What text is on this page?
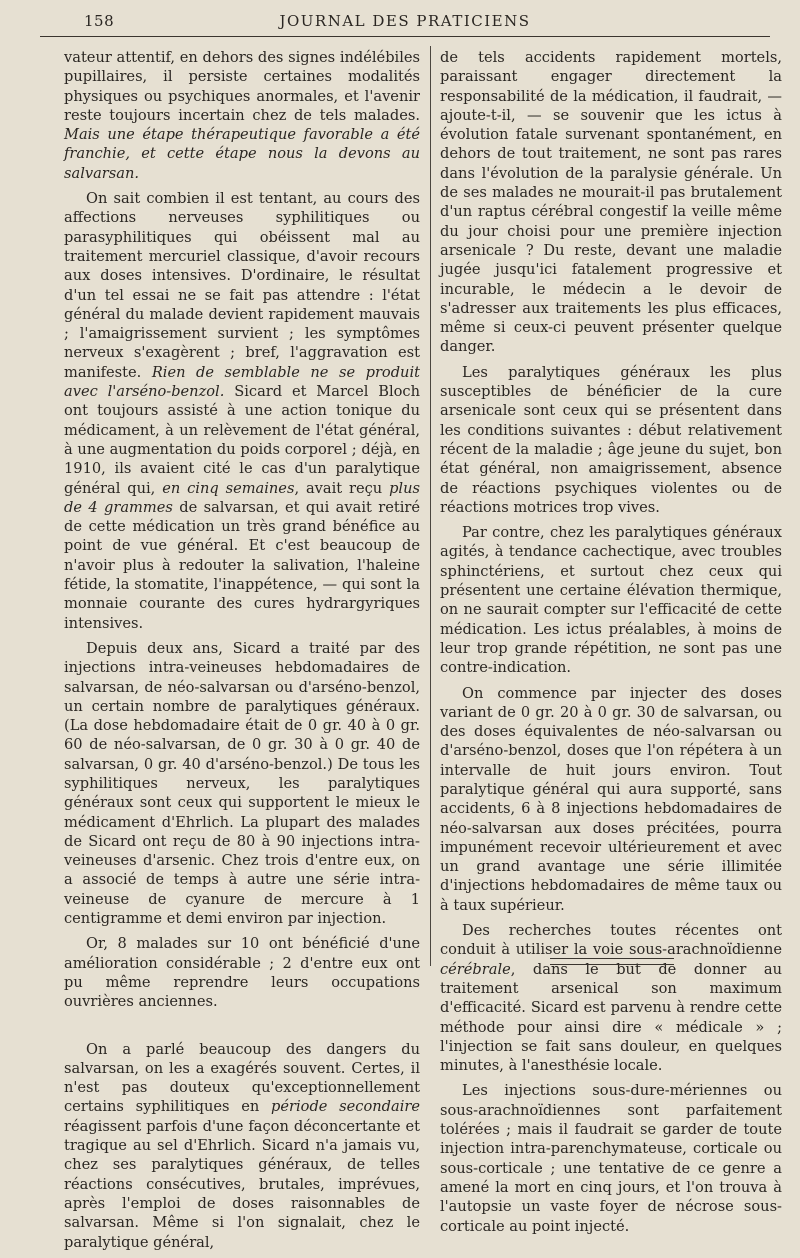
158	JOURNAL DES PRATICIENS

vateur attentif, en dehors des signes indélébiles pupillaires, il persiste certaines modalités physiques ou psychiques anormales, et l'avenir reste toujours incertain chez de tels malades. Mais une étape thérapeutique favorable a été franchie, et cette étape nous la devons au salvarsan.

On sait combien il est tentant, au cours des affections nerveuses syphilitiques ou parasyphilitiques qui obéissent mal au traitement mercuriel classique, d'avoir recours aux doses intensives. D'ordinaire, le résultat d'un tel essai ne se fait pas attendre : l'état général du malade devient rapidement mauvais ; l'amaigrissement survient ; les symptômes nerveux s'exagèrent ; bref, l'aggravation est manifeste. Rien de semblable ne se produit avec l'arséno-benzol. Sicard et Marcel Bloch ont toujours assisté à une action tonique du médicament, à un relèvement de l'état général, à une augmentation du poids corporel ; déjà, en 1910, ils avaient cité le cas d'un paralytique général qui, en cinq semaines, avait reçu plus de 4 grammes de salvarsan, et qui avait retiré de cette médication un très grand bénéfice au point de vue général. Et c'est beaucoup de n'avoir plus à redouter la salivation, l'haleine fétide, la stomatite, l'inappétence, — qui sont la monnaie courante des cures hydrargyriques intensives.

Depuis deux ans, Sicard a traité par des injections intra-veineuses hebdomadaires de salvarsan, de néo-salvarsan ou d'arséno-benzol, un certain nombre de paralytiques généraux. (La dose hebdomadaire était de 0 gr. 40 à 0 gr. 60 de néo-salvarsan, de 0 gr. 30 à 0 gr. 40 de salvarsan, 0 gr. 40 d'arséno-benzol.) De tous les syphilitiques nerveux, les paralytiques généraux sont ceux qui supportent le mieux le médicament d'Ehrlich. La plupart des malades de Sicard ont reçu de 80 à 90 injections intra-veineuses d'arsenic. Chez trois d'entre eux, on a associé de temps à autre une série intra-veineuse de cyanure de mercure à 1 centigramme et demi environ par injection.

Or, 8 malades sur 10 ont bénéficié d'une amélioration considérable ; 2 d'entre eux ont pu même reprendre leurs occupations ouvrières anciennes.

On a parlé beaucoup des dangers du salvarsan, on les a exagérés souvent. Certes, il n'est pas douteux qu'exceptionnellement certains syphilitiques en période secondaire réagissent parfois d'une façon déconcertante et tragique au sel d'Ehrlich. Sicard n'a jamais vu, chez ses paralytiques généraux, de telles réactions consécutives, brutales, imprévues, après l'emploi de doses raisonnables de salvarsan. Même si l'on signalait, chez le paralytique général,

de tels accidents rapidement mortels, paraissant engager directement la responsabilité de la médication, il faudrait, — ajoute-t-il, — se souvenir que les ictus à évolution fatale survenant spontanément, en dehors de tout traitement, ne sont pas rares dans l'évolution de la paralysie générale. Un de ses malades ne mourait-il pas brutalement d'un raptus cérébral congestif la veille même du jour choisi pour une première injection arsenicale ? Du reste, devant une maladie jugée jusqu'ici fatalement progressive et incurable, le médecin a le devoir de s'adresser aux traitements les plus efficaces, même si ceux-ci peuvent présenter quelque danger.

Les paralytiques généraux les plus susceptibles de bénéficier de la cure arsenicale sont ceux qui se présentent dans les conditions suivantes : début relativement récent de la maladie ; âge jeune du sujet, bon état général, non amaigrissement, absence de réactions psychiques violentes ou de réactions motrices trop vives.

Par contre, chez les paralytiques généraux agités, à tendance cachectique, avec troubles sphinctériens, et surtout chez ceux qui présentent une certaine élévation thermique, on ne saurait compter sur l'efficacité de cette médication. Les ictus préalables, à moins de leur trop grande répétition, ne sont pas une contre-indication.

On commence par injecter des doses variant de 0 gr. 20 à 0 gr. 30 de salvarsan, ou des doses équivalentes de néo-salvarsan ou d'arséno-benzol, doses que l'on répétera à un intervalle de huit jours environ. Tout paralytique général qui aura supporté, sans accidents, 6 à 8 injections hebdomadaires de néo-salvarsan aux doses précitées, pourra impunément recevoir ultérieurement et avec un grand avantage une série illimitée d'injections hebdomadaires de même taux ou à taux supérieur.

Des recherches toutes récentes ont conduit à utiliser la voie sous-arachnoïdienne cérébrale, dans le but de donner au traitement arsenical son maximum d'efficacité. Sicard est parvenu à rendre cette méthode pour ainsi dire « médicale » ; l'injection se fait sans douleur, en quelques minutes, à l'anesthésie locale.

Les injections sous-dure-mériennes ou sous-arachnoïdiennes sont parfaitement tolérées ; mais il faudrait se garder de toute injection intra-parenchymateuse, corticale ou sous-corticale ; une tentative de ce genre a amené la mort en cinq jours, et l'on trouva à l'autopsie un vaste foyer de nécrose sous-corticale au point injecté.
